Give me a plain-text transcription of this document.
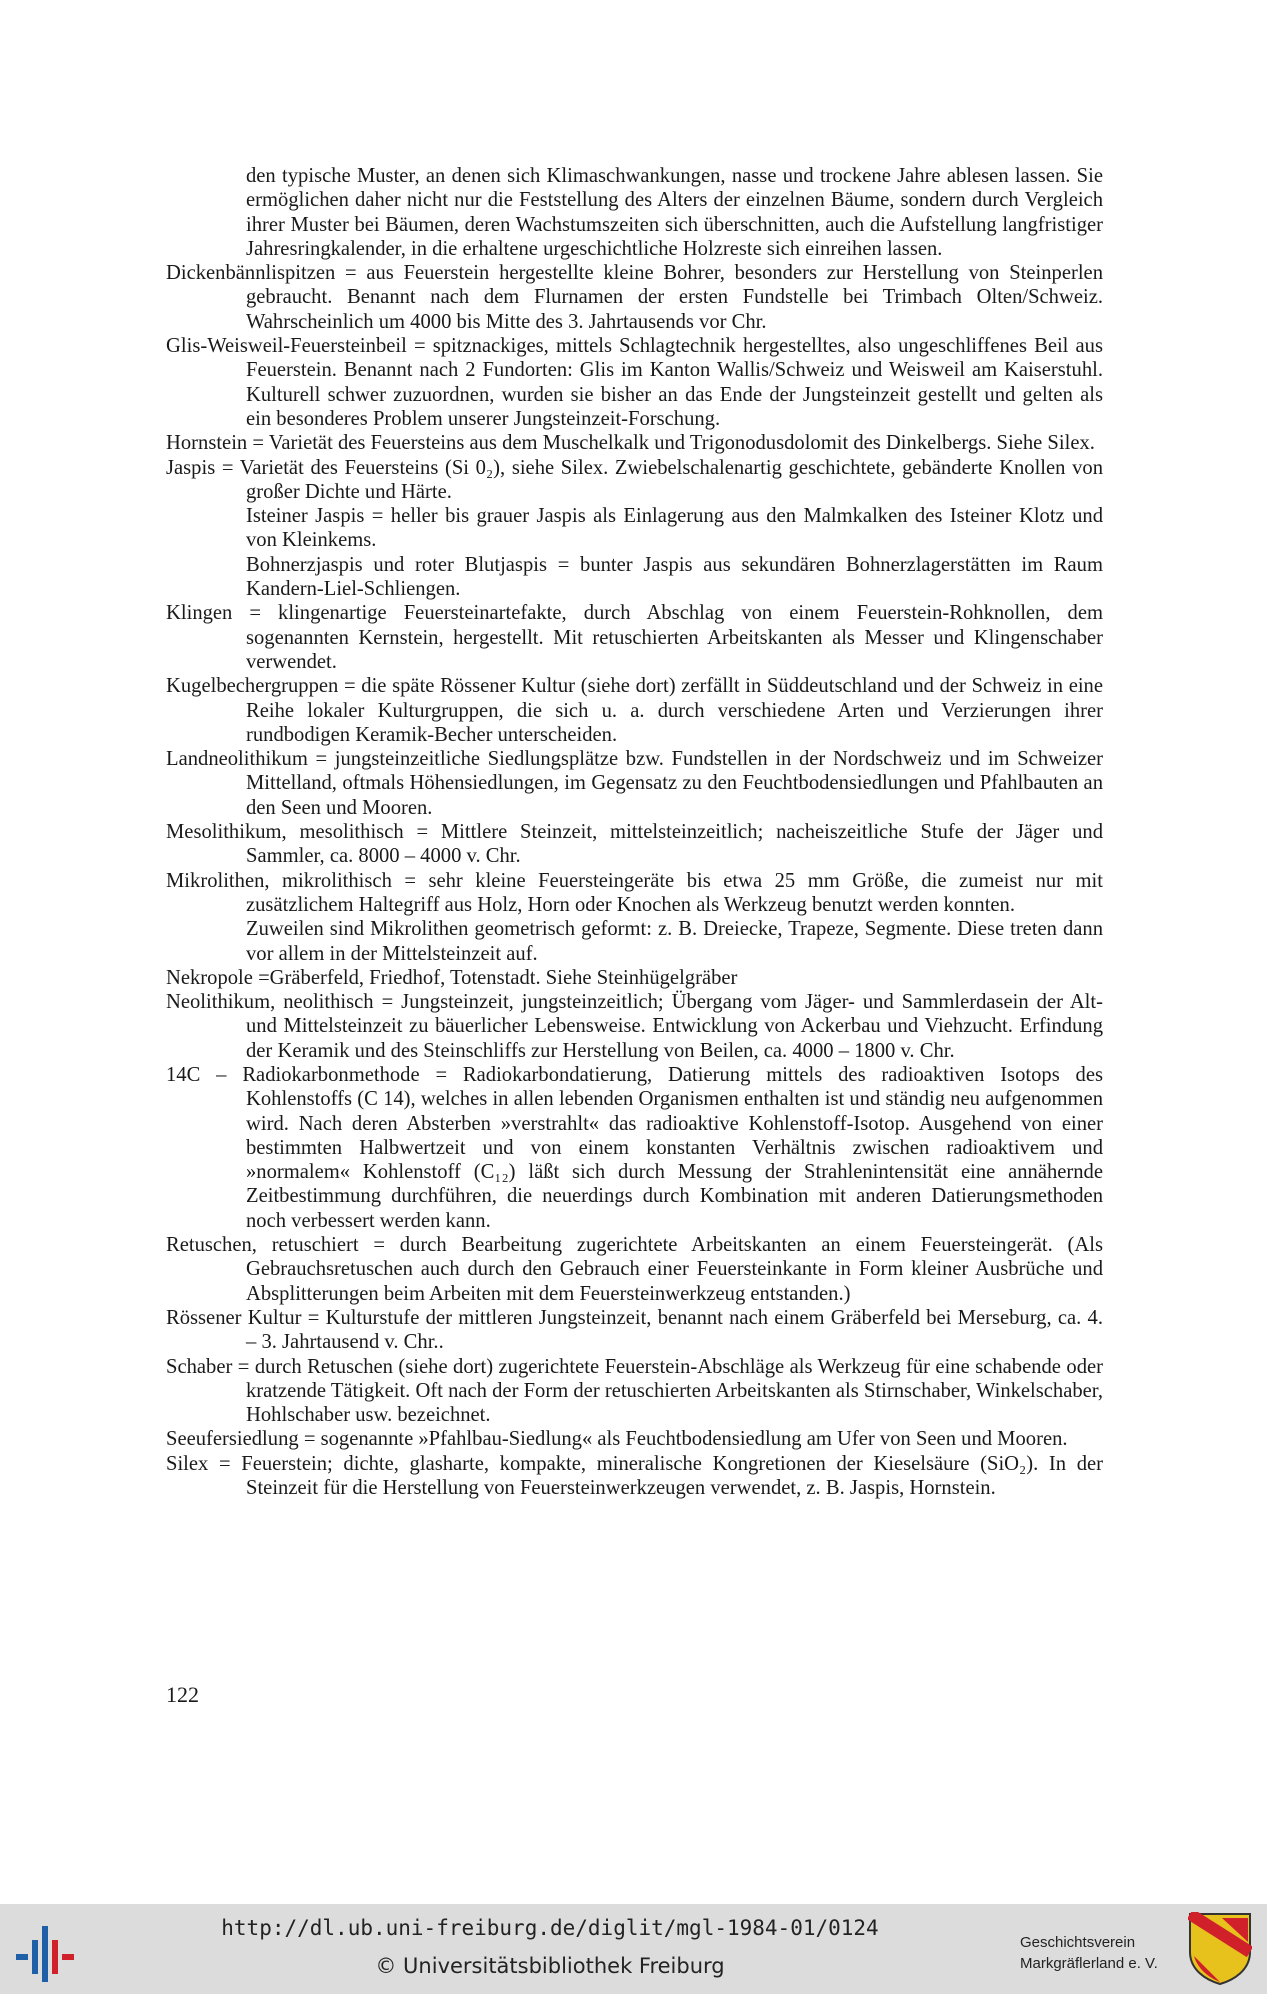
den typische Muster, an denen sich Klimaschwankungen, nasse und trockene Jahre ablesen lassen. Sie ermöglichen daher nicht nur die Feststellung des Alters der einzelnen Bäume, sondern durch Vergleich ihrer Muster bei Bäumen, deren Wachstumszeiten sich überschnitten, auch die Aufstellung langfristiger Jahresringkalender, in die erhaltene urgeschichtliche Holzreste sich einreihen lassen.

Dickenbännlispitzen = aus Feuerstein hergestellte kleine Bohrer, besonders zur Herstellung von Steinperlen gebraucht. Benannt nach dem Flurnamen der ersten Fundstelle bei Trimbach Olten/Schweiz. Wahrscheinlich um 4000 bis Mitte des 3. Jahrtausends vor Chr.

Glis-Weisweil-Feuersteinbeil = spitznackiges, mittels Schlagtechnik hergestelltes, also ungeschliffenes Beil aus Feuerstein. Benannt nach 2 Fundorten: Glis im Kanton Wallis/Schweiz und Weisweil am Kaiserstuhl. Kulturell schwer zuzuordnen, wurden sie bisher an das Ende der Jungsteinzeit gestellt und gelten als ein besonderes Problem unserer Jungsteinzeit-Forschung.

Hornstein = Varietät des Feuersteins aus dem Muschelkalk und Trigonodusdolomit des Dinkelbergs. Siehe Silex.

Jaspis = Varietät des Feuersteins (Si 0₂), siehe Silex. Zwiebelschalenartig geschichtete, gebänderte Knollen von großer Dichte und Härte.

Isteiner Jaspis = heller bis grauer Jaspis als Einlagerung aus den Malmkalken des Isteiner Klotz und von Kleinkems.

Bohnerzjaspis und roter Blutjaspis = bunter Jaspis aus sekundären Bohnerzlagerstätten im Raum Kandern-Liel-Schliengen.

Klingen = klingenartige Feuersteinartefakte, durch Abschlag von einem Feuerstein-Rohknollen, dem sogenannten Kernstein, hergestellt. Mit retuschierten Arbeitskanten als Messer und Klingenschaber verwendet.

Kugelbechergruppen = die späte Rössener Kultur (siehe dort) zerfällt in Süddeutschland und der Schweiz in eine Reihe lokaler Kulturgruppen, die sich u. a. durch verschiedene Arten und Verzierungen ihrer rundbodigen Keramik-Becher unterscheiden.

Landneolithikum = jungsteinzeitliche Siedlungsplätze bzw. Fundstellen in der Nordschweiz und im Schweizer Mittelland, oftmals Höhensiedlungen, im Gegensatz zu den Feuchtbodensiedlungen und Pfahlbauten an den Seen und Mooren.

Mesolithikum, mesolithisch = Mittlere Steinzeit, mittelsteinzeitlich; nacheiszeitliche Stufe der Jäger und Sammler, ca. 8000 – 4000 v. Chr.

Mikrolithen, mikrolithisch = sehr kleine Feuersteingeräte bis etwa 25 mm Größe, die zumeist nur mit zusätzlichem Haltegriff aus Holz, Horn oder Knochen als Werkzeug benutzt werden konnten.

Zuweilen sind Mikrolithen geometrisch geformt: z. B. Dreiecke, Trapeze, Segmente. Diese treten dann vor allem in der Mittelsteinzeit auf.

Nekropole =Gräberfeld, Friedhof, Totenstadt. Siehe Steinhügelgräber

Neolithikum, neolithisch = Jungsteinzeit, jungsteinzeitlich; Übergang vom Jäger- und Sammlerdasein der Alt- und Mittelsteinzeit zu bäuerlicher Lebensweise. Entwicklung von Ackerbau und Viehzucht. Erfindung der Keramik und des Steinschliffs zur Herstellung von Beilen, ca. 4000 – 1800 v. Chr.

14C – Radiokarbonmethode = Radiokarbondatierung, Datierung mittels des radioaktiven Isotops des Kohlenstoffs (C 14), welches in allen lebenden Organismen enthalten ist und ständig neu aufgenommen wird. Nach deren Absterben »verstrahlt« das radioaktive Kohlenstoff-Isotop. Ausgehend von einer bestimmten Halbwertzeit und von einem konstanten Verhältnis zwischen radioaktivem und »normalem« Kohlenstoff (C₁₂) läßt sich durch Messung der Strahlenintensität eine annähernde Zeitbestimmung durchführen, die neuerdings durch Kombination mit anderen Datierungsmethoden noch verbessert werden kann.

Retuschen, retuschiert = durch Bearbeitung zugerichtete Arbeitskanten an einem Feuersteingerät. (Als Gebrauchsretuschen auch durch den Gebrauch einer Feuersteinkante in Form kleiner Ausbrüche und Absplitterungen beim Arbeiten mit dem Feuersteinwerkzeug entstanden.)

Rössener Kultur = Kulturstufe der mittleren Jungsteinzeit, benannt nach einem Gräberfeld bei Merseburg, ca. 4. – 3. Jahrtausend v. Chr..

Schaber = durch Retuschen (siehe dort) zugerichtete Feuerstein-Abschläge als Werkzeug für eine schabende oder kratzende Tätigkeit. Oft nach der Form der retuschierten Arbeitskanten als Stirnschaber, Winkelschaber, Hohlschaber usw. bezeichnet.

Seeufersiedlung = sogenannte »Pfahlbau-Siedlung« als Feuchtbodensiedlung am Ufer von Seen und Mooren.

Silex = Feuerstein; dichte, glasharte, kompakte, mineralische Kongretionen der Kieselsäure (SiO₂). In der Steinzeit für die Herstellung von Feuersteinwerkzeugen verwendet, z. B. Jaspis, Hornstein.

122
http://dl.ub.uni-freiburg.de/diglit/mgl-1984-01/0124
© Universitätsbibliothek Freiburg
Geschichtsverein
Markgräflerland e. V.
